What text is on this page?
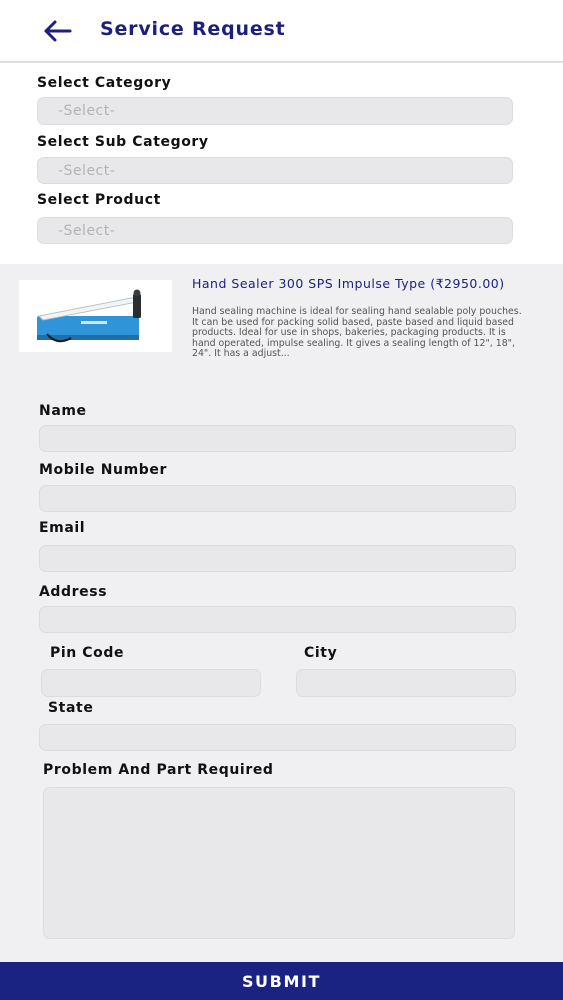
Service Request
Select Category
-Select-
Select Sub Category
-Select-
Select Product
-Select-
Hand Sealer 300 SPS Impulse Type (₹2950.00)
Hand sealing machine is ideal for sealing hand sealable poly pouches. It can be used for packing solid based, paste based and liquid based products. Ideal for use in shops, bakeries, packaging products. It is hand operated, impulse sealing. It gives a sealing length of 12", 18", 24". It has a adjust...
Name
Mobile Number
Email
Address
Pin Code	City
State
Problem And Part Required
SUBMIT
